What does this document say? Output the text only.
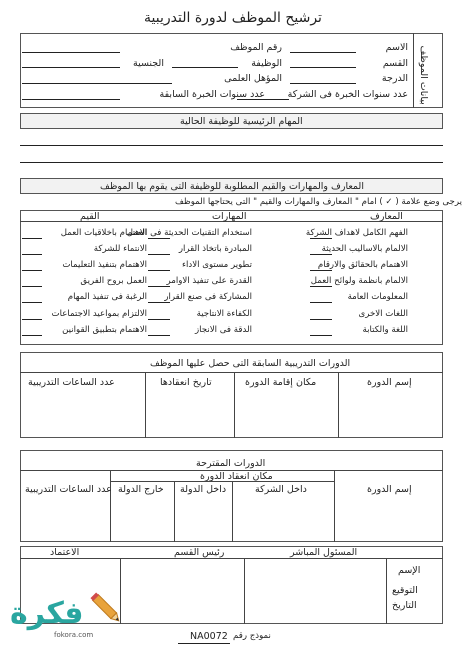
ترشيح الموظف لدورة التدريبية
بيانات الموظف
الاسم
رقم الموظف
القسم
الوظيفة
الجنسية
الدرجة
المؤهل العلمى
عدد سنوات الخبرة فى الشركة
عدد سنوات الخبرة السابقة
المهام الرئيسية للوظيفة الحالية
المعارف والمهارات والقيم المطلوبة للوظيفة التى يقوم بها الموظف
يرجى وضع علامة ( ✓ ) امام " المعارف والمهارات والقيم " التى يحتاجها الموظف
المعارف
المهارات
القيم
الفهم الكامل لاهداف الشركة
الالمام بالاساليب الحديثة
الاهتمام بالحقائق والارقام
الالمام بانظمة ولوائح العمل
المعلومات العامة
اللغات الاخرى
اللغة والكتابة
استخدام التقنيات الحديثة فى العمل
المبادرة باتخاذ القرار
تطوير مستوى الاداء
القدرة على تنفيذ الاوامر
المشاركة فى صنع القرار
الكفاءة الانتاجية
الدقة فى الانجاز
الاهتمام باخلاقيات العمل
الانتماء للشركة
الاهتمام بتنفيذ التعليمات
العمل بروح الفريق
الرغبة فى تنفيذ المهام
الالتزام بمواعيد الاجتماعات
الاهتمام بتطبيق القوانين
الدورات التدريبية السابقة التى حصل عليها الموظف
إسم الدورة
مكان إقامة الدورة
تاريخ انعقادها
عدد الساعات التدريبية
الدورات المقترحة
مكان انعقاد الدورة
إسم الدورة
داخل الشركة
داخل الدولة
خارج الدولة
عدد الساعات التدريبية
المسئول المباشر
رئيس القسم
الاعتماد
الإسم
التوقيع
التاريخ
نموذج رقم
NA0072
فكرة
fokora.com
